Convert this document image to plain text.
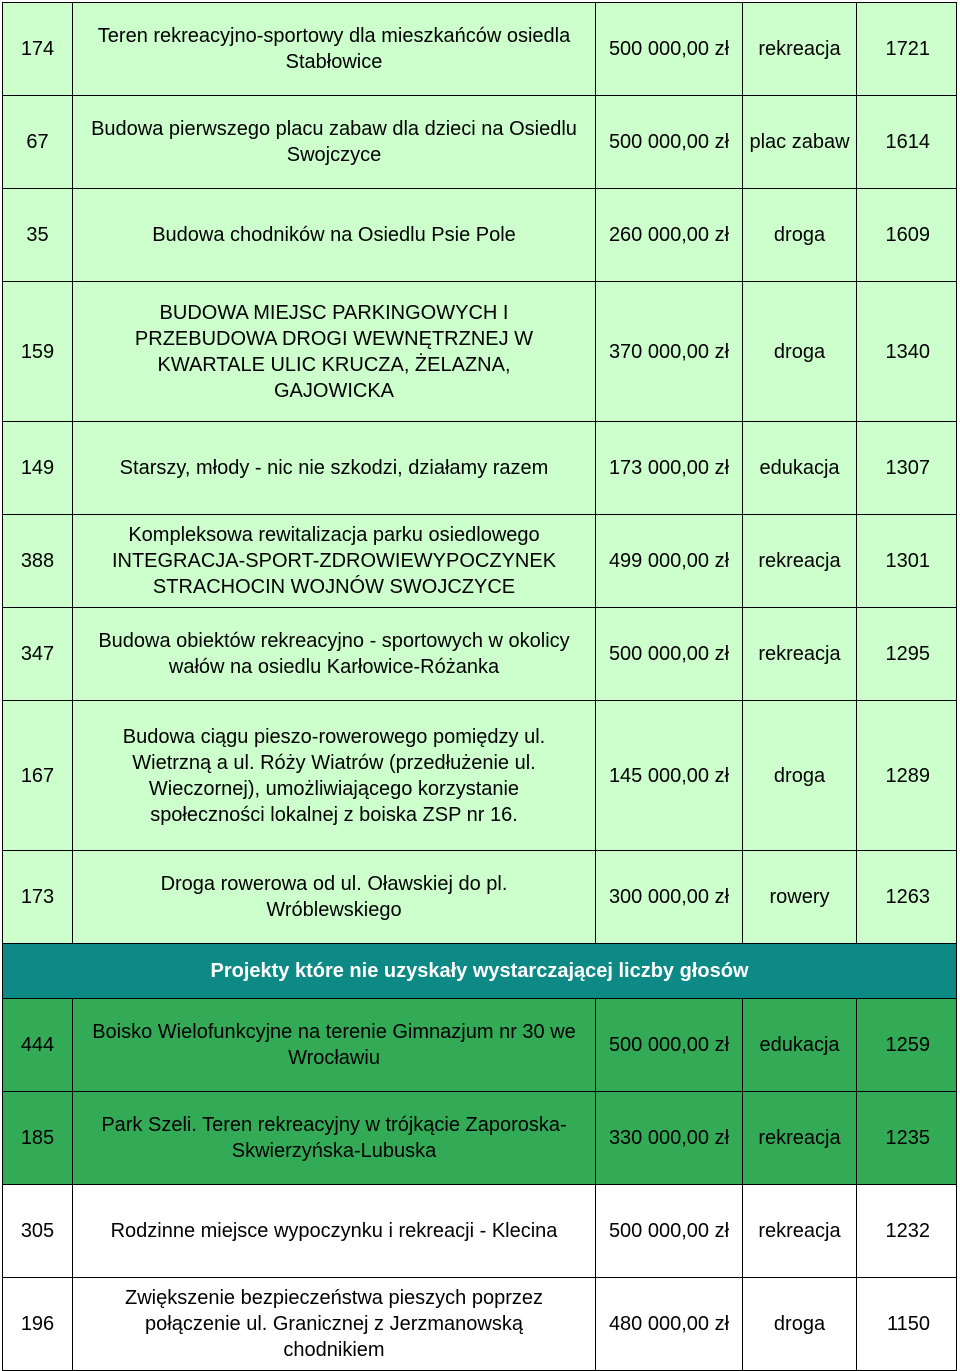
174	Teren rekreacyjno-sportowy dla mieszkańców osiedla Stabłowice	500 000,00 zł	rekreacja	1721
67	Budowa pierwszego placu zabaw dla dzieci na Osiedlu Swojczyce	500 000,00 zł	plac zabaw	1614
35	Budowa chodników na Osiedlu Psie Pole	260 000,00 zł	droga	1609
159	BUDOWA MIEJSC PARKINGOWYCH I PRZEBUDOWA DROGI WEWNĘTRZNEJ W KWARTALE ULIC KRUCZA, ŻELAZNA, GAJOWICKA	370 000,00 zł	droga	1340
149	Starszy, młody - nic nie szkodzi, działamy razem	173 000,00 zł	edukacja	1307
388	Kompleksowa rewitalizacja parku osiedlowego INTEGRACJA-SPORT-ZDROWIEWYPOCZYNEK STRACHOCIN WOJNÓW SWOJCZYCE	499 000,00 zł	rekreacja	1301
347	Budowa obiektów rekreacyjno - sportowych w okolicy wałów na osiedlu Karłowice-Różanka	500 000,00 zł	rekreacja	1295
167	Budowa ciągu pieszo-rowerowego pomiędzy ul. Wietrzną a ul. Róży Wiatrów (przedłużenie ul. Wieczornej), umożliwiającego korzystanie społeczności lokalnej z boiska ZSP nr 16.	145 000,00 zł	droga	1289
173	Droga rowerowa od ul. Oławskiej do pl. Wróblewskiego	300 000,00 zł	rowery	1263
Projekty które nie uzyskały wystarczającej liczby głosów				
444	Boisko Wielofunkcyjne na terenie Gimnazjum nr 30 we Wrocławiu	500 000,00 zł	edukacja	1259
185	Park Szeli. Teren rekreacyjny w trójkącie Zaporoska-Skwierzyńska-Lubuska	330 000,00 zł	rekreacja	1235
305	Rodzinne miejsce wypoczynku i rekreacji - Klecina	500 000,00 zł	rekreacja	1232
196	Zwiększenie bezpieczeństwa pieszych poprzez połączenie ul. Granicznej z Jerzmanowską chodnikiem	480 000,00 zł	droga	1150
